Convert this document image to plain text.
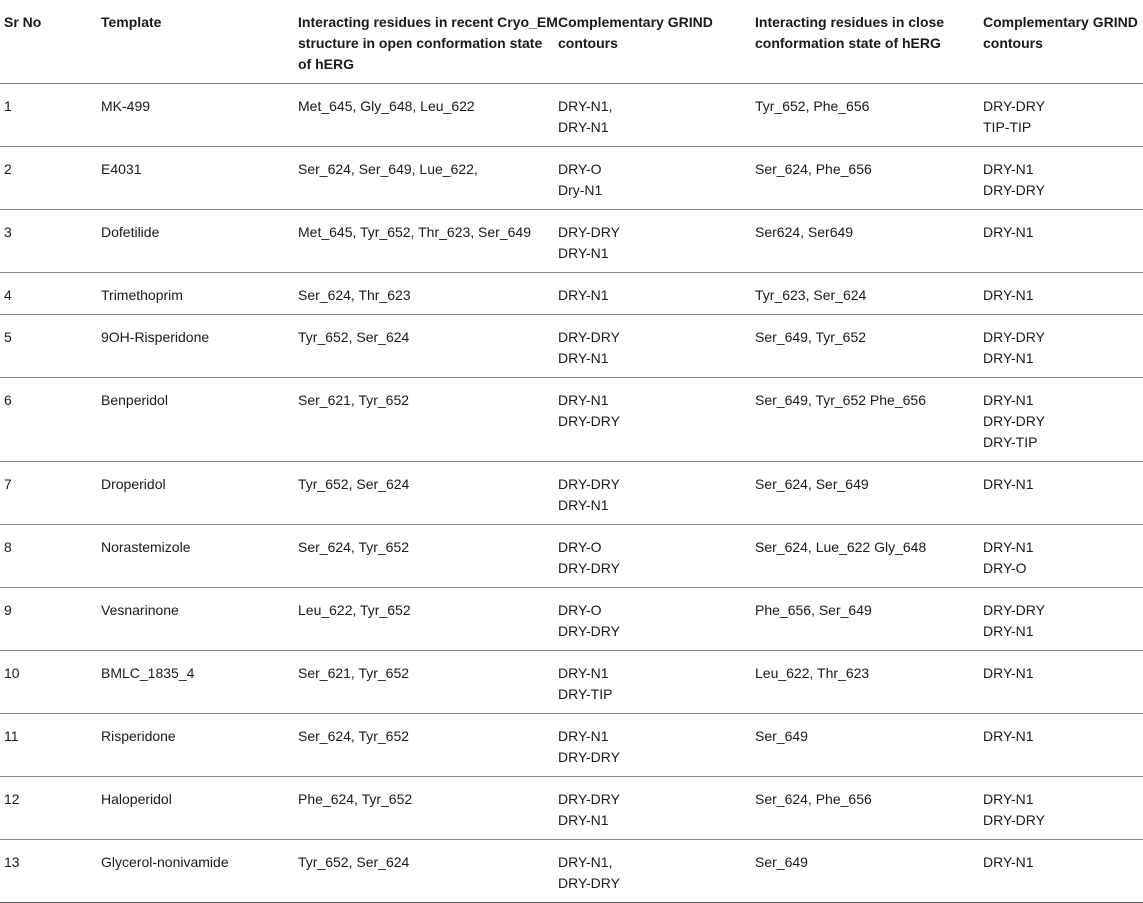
Sr No	Template	Interacting residues in recent Cryo_EM structure in open conformation state of hERG	Complementary GRIND contours	Interacting residues in close conformation state of hERG	Complementary GRIND contours
1	MK-499	Met_645, Gly_648, Leu_622	DRY-N1,
DRY-N1	Tyr_652, Phe_656	DRY-DRY
TIP-TIP

2	E4031	Ser_624, Ser_649, Lue_622,	DRY-O
Dry-N1	Ser_624, Phe_656	DRY-N1
DRY-DRY

3	Dofetilide	Met_645, Tyr_652, Thr_623, Ser_649	DRY-DRY
DRY-N1	Ser624, Ser649	DRY-N1

4	Trimethoprim	Ser_624, Thr_623	DRY-N1	Tyr_623, Ser_624	DRY-N1

5	9OH-Risperidone	Tyr_652, Ser_624	DRY-DRY
DRY-N1	Ser_649, Tyr_652	DRY-DRY
DRY-N1

6	Benperidol	Ser_621, Tyr_652	DRY-N1
DRY-DRY	Ser_649, Tyr_652 Phe_656	DRY-N1
DRY-DRY
DRY-TIP

7	Droperidol	Tyr_652, Ser_624	DRY-DRY
DRY-N1	Ser_624, Ser_649	DRY-N1

8	Norastemizole	Ser_624, Tyr_652	DRY-O
DRY-DRY	Ser_624, Lue_622 Gly_648	DRY-N1
DRY-O

9	Vesnarinone	Leu_622, Tyr_652	DRY-O
DRY-DRY	Phe_656, Ser_649	DRY-DRY
DRY-N1

10	BMLC_1835_4	Ser_621, Tyr_652	DRY-N1
DRY-TIP	Leu_622, Thr_623	DRY-N1

11	Risperidone	Ser_624, Tyr_652	DRY-N1
DRY-DRY	Ser_649	DRY-N1

12	Haloperidol	Phe_624, Tyr_652	DRY-DRY
DRY-N1	Ser_624, Phe_656	DRY-N1
DRY-DRY

13	Glycerol-nonivamide	Tyr_652, Ser_624	DRY-N1,
DRY-DRY	Ser_649	DRY-N1
